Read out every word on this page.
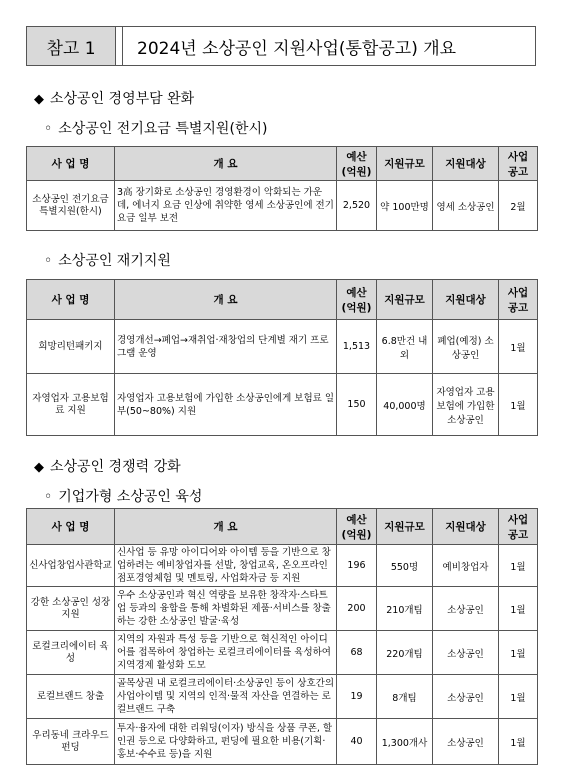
참고 1	2024년 소상공인 지원사업(통합공고) 개요
◆ 소상공인 경영부담 완화
◦ 소상공인 전기요금 특별지원(한시)
사 업 명	개 요	예산 (억원)	지원규모	지원대상	사업 공고
소상공인 전기요금 특별지원(한시)	3高 장기화로 소상공인 경영환경이 악화되는 가운데, 에너지 요금 인상에 취약한 영세 소상공인에 전기요금 일부 보전	2,520	약 100만명	영세 소상공인	2월
◦ 소상공인 재기지원
사 업 명	개 요	예산 (억원)	지원규모	지원대상	사업 공고
희망리턴패키지	경영개선→폐업→재취업·재창업의 단계별 재기 프로그램 운영	1,513	6.8만건 내외	폐업(예정) 소상공인	1월
자영업자 고용보험료 지원	자영업자 고용보험에 가입한 소상공인에게 보험료 일부(50~80%) 지원	150	40,000명	자영업자 고용보험에 가입한 소상공인	1월
◆ 소상공인 경쟁력 강화
◦ 기업가형 소상공인 육성
사 업 명	개 요	예산 (억원)	지원규모	지원대상	사업 공고
신사업창업사관학교	신사업 등 유망 아이디어와 아이템 등을 기반으로 창업하려는 예비창업자를 선발, 창업교육, 온오프라인 점포경영체험 및 멘토링, 사업화자금 등 지원	196	550명	예비창업자	1월
강한 소상공인 성장지원	우수 소상공인과 혁신 역량을 보유한 창작자·스타트업 등과의 융합을 통해 차별화된 제품·서비스를 창출하는 강한 소상공인 발굴·육성	200	210개팀	소상공인	1월
로컬크리에이터 육성	지역의 자원과 특성 등을 기반으로 혁신적인 아이디어를 접목하여 창업하는 로컬크리에이터를 육성하여 지역경제 활성화 도모	68	220개팀	소상공인	1월
로컬브랜드 창출	골목상권 내 로컬크리에이터·소상공인 등이 상호간의 사업아이템 및 지역의 인적·물적 자산을 연결하는 로컬브랜드 구축	19	8개팀	소상공인	1월
우리동네 크라우드펀딩	투자·융자에 대한 리워딩(이자) 방식을 상품 쿠폰, 할인권 등으로 다양화하고, 펀딩에 필요한 비용(기획·홍보·수수료 등)을 지원	40	1,300개사	소상공인	1월
